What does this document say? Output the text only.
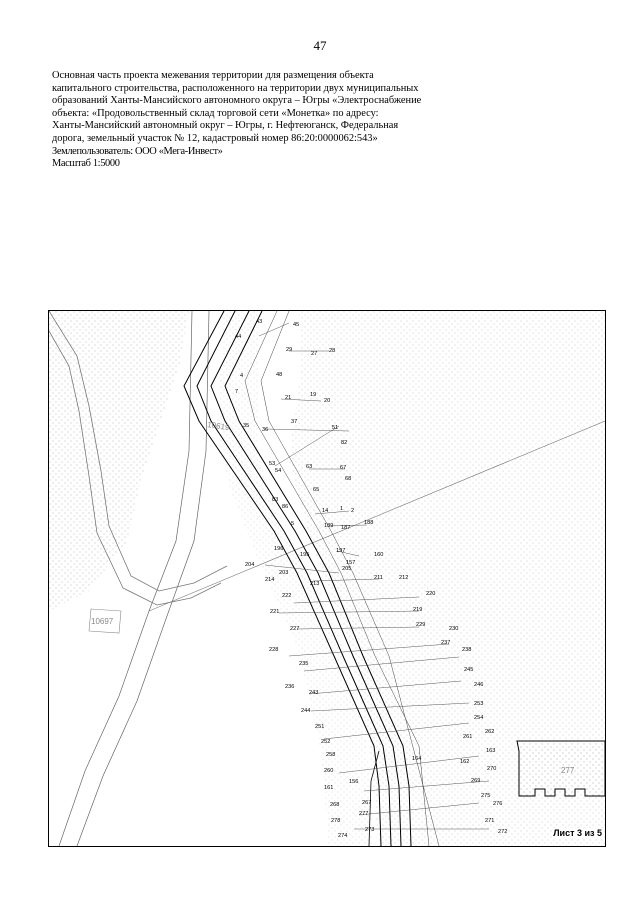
47
Основная часть проекта межевания территории для размещения объекта
капитального строительства, расположенного на территории двух муниципальных
образований Ханты-Мансийского автономного округа – Югры «Электроснабжение
объекта: «Продовольственный склад торговой сети «Монетка» по адресу:
Ханты-Мансийский автономный округ – Югры, г. Нефтеюганск, Федеральная
дорога, земельный участок № 12, кадастровый номер 86:20:0000062:543»
Землепользователь: ООО «Мега-Инвест»
Масштаб 1:5000
10619
10697
277
43	45
44
29
27 28
4	48
7
21	19
20
35
37
36	51
82
53	63	67
54
68
65
83
86
14 1 2
5	189 187
188
196	197
195	160
204	157
203
205
214
213
211	212
222	220
221	219
227
229
230
237
228	238
235
245
236	246
243
253
244
254
251
252
262
261
258
164
163
260
162
270
161
156	269
275
268	267	276
277
278	271
274
273	272	Лист 3 из 5
